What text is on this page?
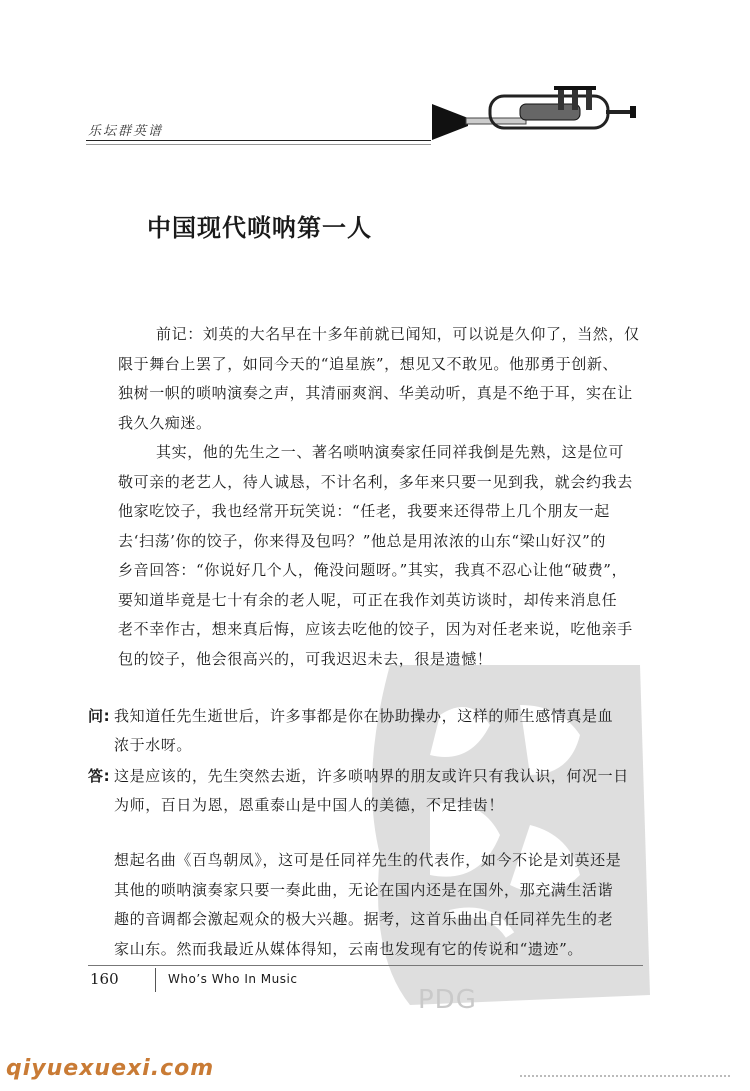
乐坛群英谱
中国现代唢呐第一人
前记：刘英的大名早在十多年前就已闻知，可以说是久仰了，当然，仅
限于舞台上罢了，如同今天的“追星族”，想见又不敢见。他那勇于创新、
独树一帜的唢呐演奏之声，其清丽爽润、华美动听，真是不绝于耳，实在让
我久久痴迷。
其实，他的先生之一、著名唢呐演奏家任同祥我倒是先熟，这是位可
敬可亲的老艺人，待人诚恳，不计名利，多年来只要一见到我，就会约我去
他家吃饺子，我也经常开玩笑说：“任老，我要来还得带上几个朋友一起
去‘扫荡’你的饺子，你来得及包吗？”他总是用浓浓的山东“梁山好汉”的
乡音回答：“你说好几个人，俺没问题呀。”其实，我真不忍心让他“破费”，
要知道毕竟是七十有余的老人呢，可正在我作刘英访谈时，却传来消息任
老不幸作古，想来真后悔，应该去吃他的饺子，因为对任老来说，吃他亲手
包的饺子，他会很高兴的，可我迟迟未去，很是遗憾！
PDG
问: 我知道任先生逝世后，许多事都是你在协助操办，这样的师生感情真是血
浓于水呀。
答: 这是应该的，先生突然去逝，许多唢呐界的朋友或许只有我认识，何况一日
为师，百日为恩，恩重泰山是中国人的美德，不足挂齿！
想起名曲《百鸟朝凤》，这可是任同祥先生的代表作，如今不论是刘英还是
其他的唢呐演奏家只要一奏此曲，无论在国内还是在国外，那充满生活谐
趣的音调都会激起观众的极大兴趣。据考，这首乐曲出自任同祥先生的老
家山东。然而我最近从媒体得知，云南也发现有它的传说和“遗迹”。
160	Who’s Who In Music
qiyuexuexi.com
